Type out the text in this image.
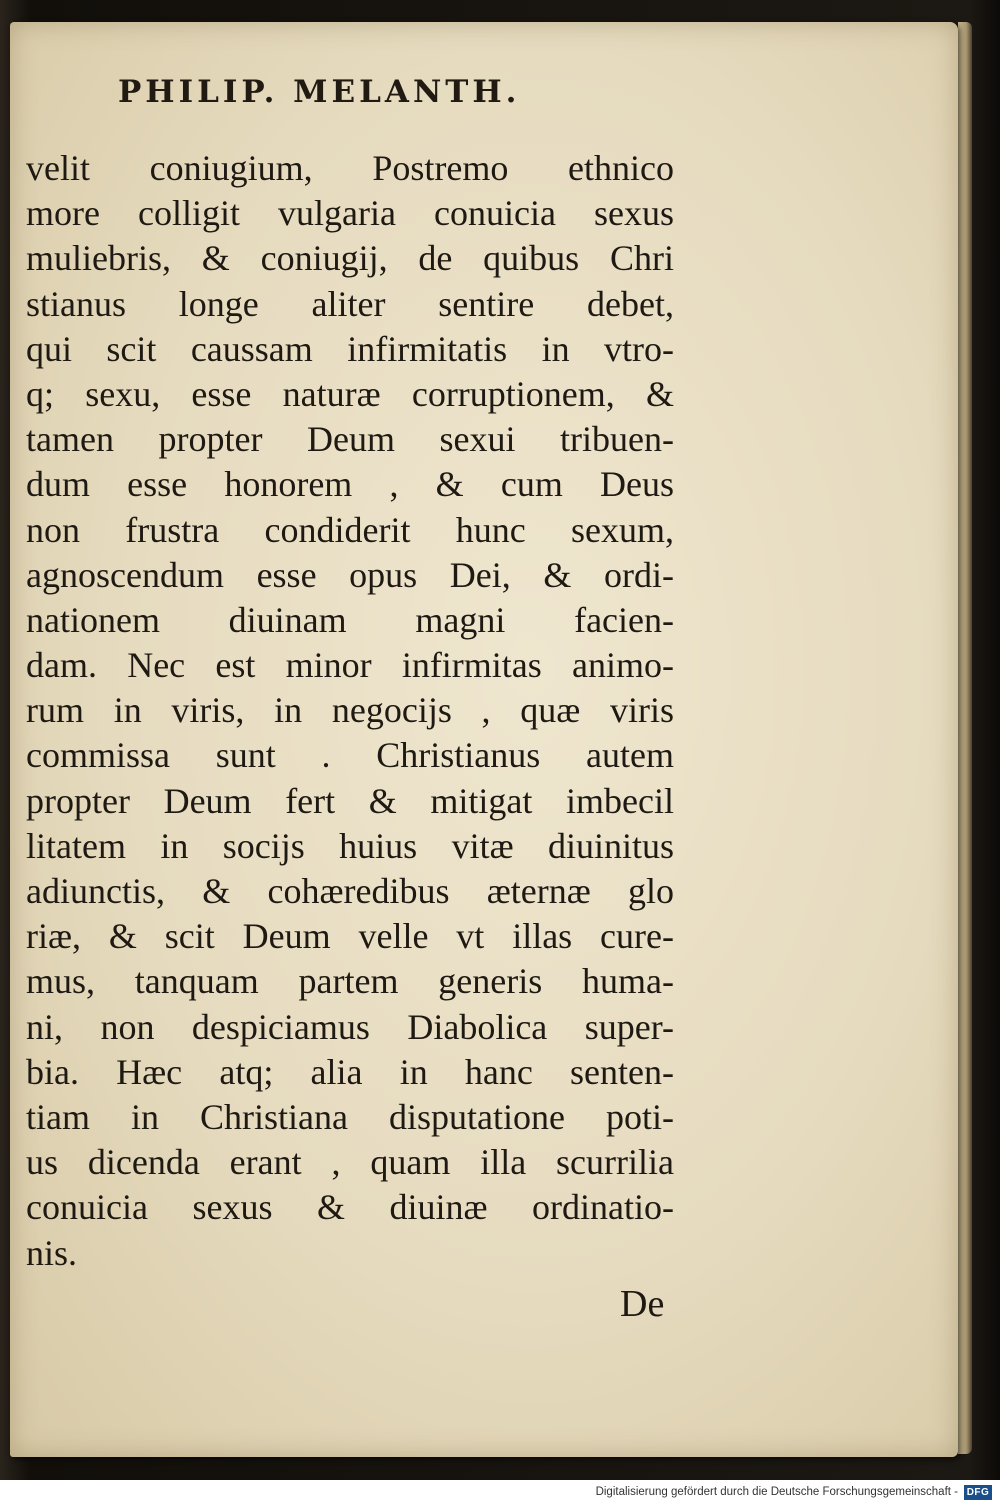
PHILIP. MELANTH.
velit coniugium, Postremo ethnico
more colligit vulgaria conuicia sexus
muliebris, & coniugij, de quibus Chri
stianus longe aliter sentire debet,
qui scit caussam infirmitatis in vtro-
q; sexu, esse naturæ corruptionem, &
tamen propter Deum sexui tribuen-
dum esse honorem , & cum Deus
non frustra condiderit hunc sexum,
agnoscendum esse opus Dei, & ordi-
nationem diuinam magni facien-
dam. Nec est minor infirmitas animo-
rum in viris, in negocijs , quæ viris
commissa sunt . Christianus autem
propter Deum fert & mitigat imbecil
litatem in socijs huius vitæ diuinitus
adiunctis, & cohæredibus æternæ glo
riæ, & scit Deum velle vt illas cure-
mus, tanquam partem generis huma-
ni, non despiciamus Diabolica super-
bia. Hæc atq; alia in hanc senten-
tiam in Christiana disputatione poti-
us dicenda erant , quam illa scurrilia
conuicia sexus & diuinæ ordinatio-
nis.
De
Digitalisierung gefördert durch die Deutsche Forschungsgemeinschaft - DFG
